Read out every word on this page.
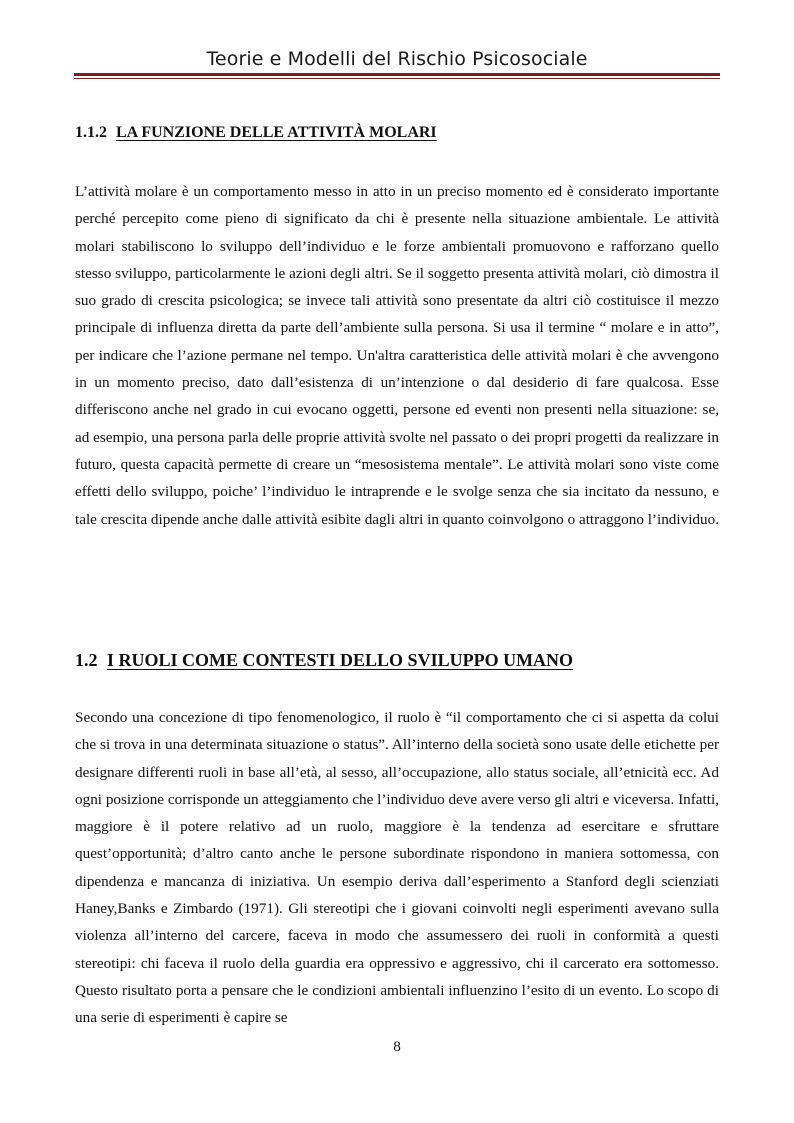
Teorie e Modelli del Rischio Psicosociale
1.1.2 LA FUNZIONE DELLE ATTIVITÀ MOLARI

L’attività molare è un comportamento messo in atto in un preciso momento ed è considerato importante perché percepito come pieno di significato da chi è presente nella situazione ambientale. Le attività molari stabiliscono lo sviluppo dell’individuo e le forze ambientali promuovono e rafforzano quello stesso sviluppo, particolarmente le azioni degli altri. Se il soggetto presenta attività molari, ciò dimostra il suo grado di crescita psicologica; se invece tali attività sono presentate da altri ciò costituisce il mezzo principale di influenza diretta da parte dell’ambiente sulla persona. Si usa il termine “ molare e in atto”, per indicare che l’azione permane nel tempo. Un'altra caratteristica delle attività molari è che avvengono in un momento preciso, dato dall’esistenza di un’intenzione o dal desiderio di fare qualcosa. Esse differiscono anche nel grado in cui evocano oggetti, persone ed eventi non presenti nella situazione: se, ad esempio, una persona parla delle proprie attività svolte nel passato o dei propri progetti da realizzare in futuro, questa capacità permette di creare un “mesosistema mentale”. Le attività molari sono viste come effetti dello sviluppo, poiche’ l’individuo le intraprende e le svolge senza che sia incitato da nessuno, e tale crescita dipende anche dalle attività esibite dagli altri in quanto coinvolgono o attraggono l’individuo.

1.2 I RUOLI COME CONTESTI DELLO SVILUPPO UMANO

Secondo una concezione di tipo fenomenologico, il ruolo è “il comportamento che ci si aspetta da colui che si trova in una determinata situazione o status”. All’interno della società sono usate delle etichette per designare differenti ruoli in base all’età, al sesso, all’occupazione, allo status sociale, all’etnicità ecc. Ad ogni posizione corrisponde un atteggiamento che l’individuo deve avere verso gli altri e viceversa. Infatti, maggiore è il potere relativo ad un ruolo, maggiore è la tendenza ad esercitare e sfruttare quest’opportunità; d’altro canto anche le persone subordinate rispondono in maniera sottomessa, con dipendenza e mancanza di iniziativa. Un esempio deriva dall’esperimento a Stanford degli scienziati Haney,Banks e Zimbardo (1971). Gli stereotipi che i giovani coinvolti negli esperimenti avevano sulla violenza all’interno del carcere, faceva in modo che assumessero dei ruoli in conformità a questi stereotipi: chi faceva il ruolo della guardia era oppressivo e aggressivo, chi il carcerato era sottomesso. Questo risultato porta a pensare che le condizioni ambientali influenzino l’esito di un evento. Lo scopo di una serie di esperimenti è capire se

8
